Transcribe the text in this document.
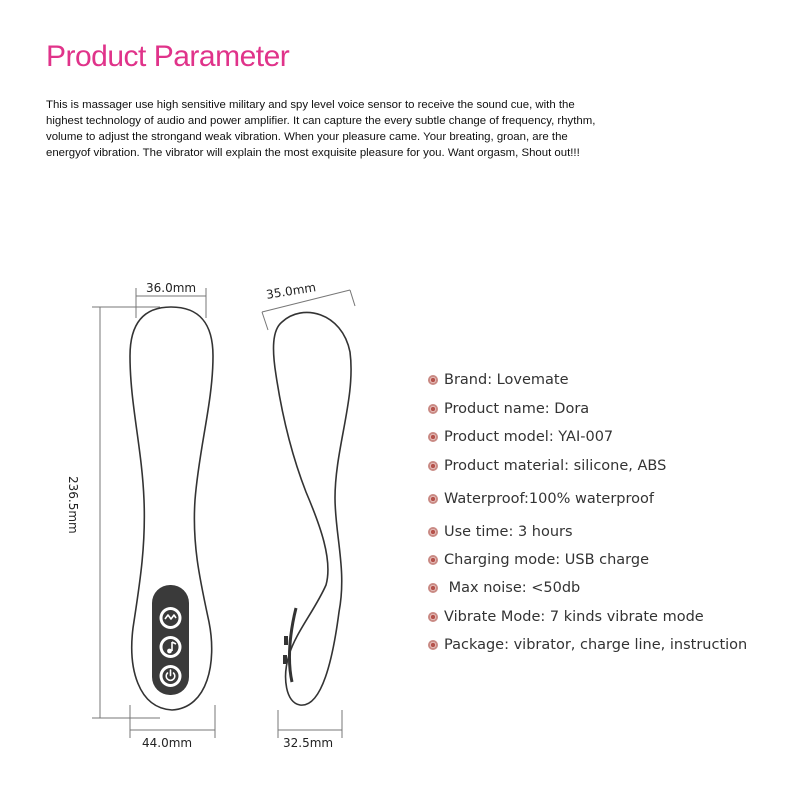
Product Parameter
This is massager use high sensitive military and spy level voice sensor to receive the sound cue, with the
highest technology of audio and power amplifier. It can capture the every subtle change of frequency, rhythm,
volume to adjust the strongand weak vibration. When your pleasure came. Your breating, groan, are the
energyof vibration. The vibrator will explain the most exquisite pleasure for you. Want orgasm, Shout out!!!
36.0mm
44.0mm
236.5mm
35.0mm
32.5mm
Brand: Lovemate
Product name: Dora
Product model: YAI-007
Product material: silicone, ABS
Waterproof:100% waterproof
Use time: 3 hours
Charging mode: USB charge
Max noise: <50db
Vibrate Mode: 7 kinds vibrate mode
Package: vibrator, charge line, instruction
